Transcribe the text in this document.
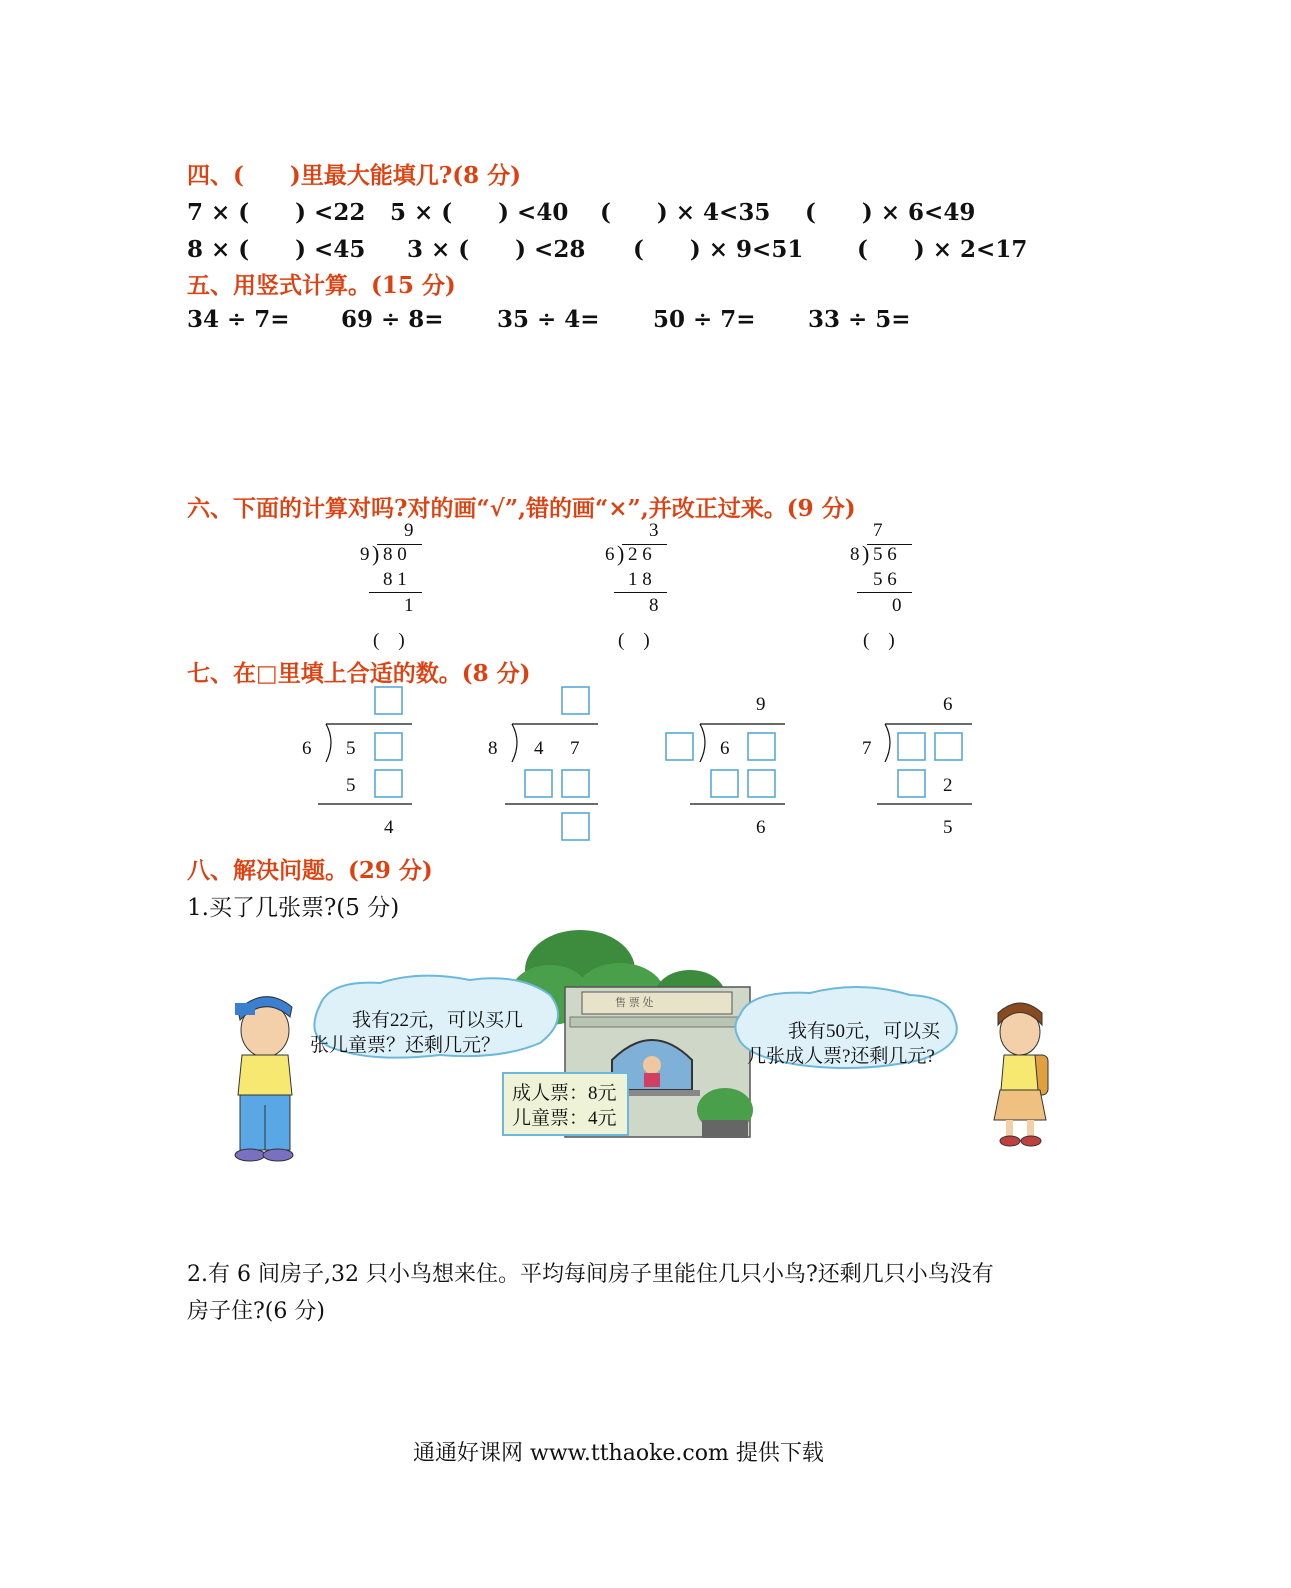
四、(　　)里最大能填几?(8 分)
7 × (　　) <22 5 × (　　) <40 (　　) × 4<35 (　　) × 6<49
8 × (　　) <45 3 × (　　) <28 (　　) × 9<51 (　　) × 2<17
五、用竖式计算。(15 分)
34 ÷ 7= 69 ÷ 8= 35 ÷ 4= 50 ÷ 7= 33 ÷ 5=
六、下面的计算对吗?对的画“√”,错的画“×”,并改正过来。(9 分)
9
9 ) 8 0
8 1
1
(　)
3
6 ) 2 6
1 8
8
(　)
7
8 ) 5 6
5 6
0
(　)
七、在□里填上合适的数。(8 分)
6 5
5
4
8 4 7
9
6
6
6
7
2
5
八、解决问题。(29 分)
1.买了几张票?(5 分)
我有22元，可以买几
张儿童票？还剩几元？
我有50元，可以买
几张成人票?还剩几元?
售 票 处
成人票：8元
儿童票：4元
2.有 6 间房子,32 只小鸟想来住。平均每间房子里能住几只小鸟?还剩几只小鸟没有
房子住?(6 分)
通通好课网 www.tthaoke.com 提供下载
